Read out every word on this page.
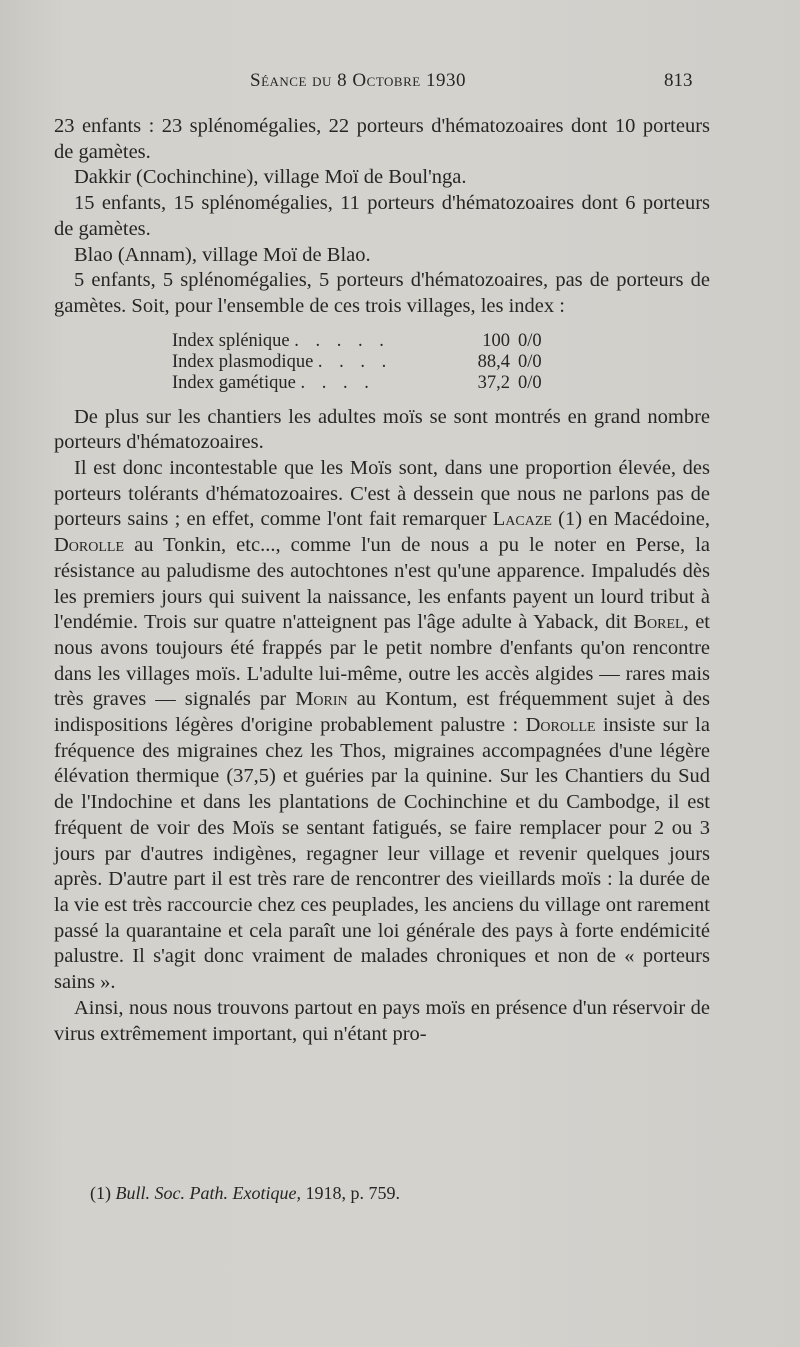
Séance du 8 Octobre 1930	813

23 enfants : 23 splénomégalies, 22 porteurs d'hématozoaires dont 10 porteurs de gamètes.

Dakkir (Cochinchine), village Moï de Boul'nga.

15 enfants, 15 splénomégalies, 11 porteurs d'hématozoaires dont 6 porteurs de gamètes.

Blao (Annam), village Moï de Blao.

5 enfants, 5 splénomégalies, 5 porteurs d'hématozoaires, pas de porteurs de gamètes. Soit, pour l'ensemble de ces trois villages, les index :

Index splénique . . . . .	100	0/0
Index plasmodique . . . .	88,4	0/0
Index gamétique . . . .	37,2	0/0

De plus sur les chantiers les adultes moïs se sont montrés en grand nombre porteurs d'hématozoaires.

Il est donc incontestable que les Moïs sont, dans une proportion élevée, des porteurs tolérants d'hématozoaires. C'est à dessein que nous ne parlons pas de porteurs sains ; en effet, comme l'ont fait remarquer Lacaze (1) en Macédoine, Dorolle au Tonkin, etc..., comme l'un de nous a pu le noter en Perse, la résistance au paludisme des autochtones n'est qu'une apparence. Impaludés dès les premiers jours qui suivent la naissance, les enfants payent un lourd tribut à l'endémie. Trois sur quatre n'atteignent pas l'âge adulte à Yaback, dit Borel, et nous avons toujours été frappés par le petit nombre d'enfants qu'on rencontre dans les villages moïs. L'adulte lui-même, outre les accès algides — rares mais très graves — signalés par Morin au Kontum, est fréquemment sujet à des indispositions légères d'origine probablement palustre : Dorolle insiste sur la fréquence des migraines chez les Thos, migraines accompagnées d'une légère élévation thermique (37,5) et guéries par la quinine. Sur les Chantiers du Sud de l'Indochine et dans les plantations de Cochinchine et du Cambodge, il est fréquent de voir des Moïs se sentant fatigués, se faire remplacer pour 2 ou 3 jours par d'autres indigènes, regagner leur village et revenir quelques jours après. D'autre part il est très rare de rencontrer des vieillards moïs : la durée de la vie est très raccourcie chez ces peuplades, les anciens du village ont rarement passé la quarantaine et cela paraît une loi générale des pays à forte endémicité palustre. Il s'agit donc vraiment de malades chroniques et non de « porteurs sains ».

Ainsi, nous nous trouvons partout en pays moïs en présence d'un réservoir de virus extrêmement important, qui n'étant pro-

(1) Bull. Soc. Path. Exotique, 1918, p. 759.
